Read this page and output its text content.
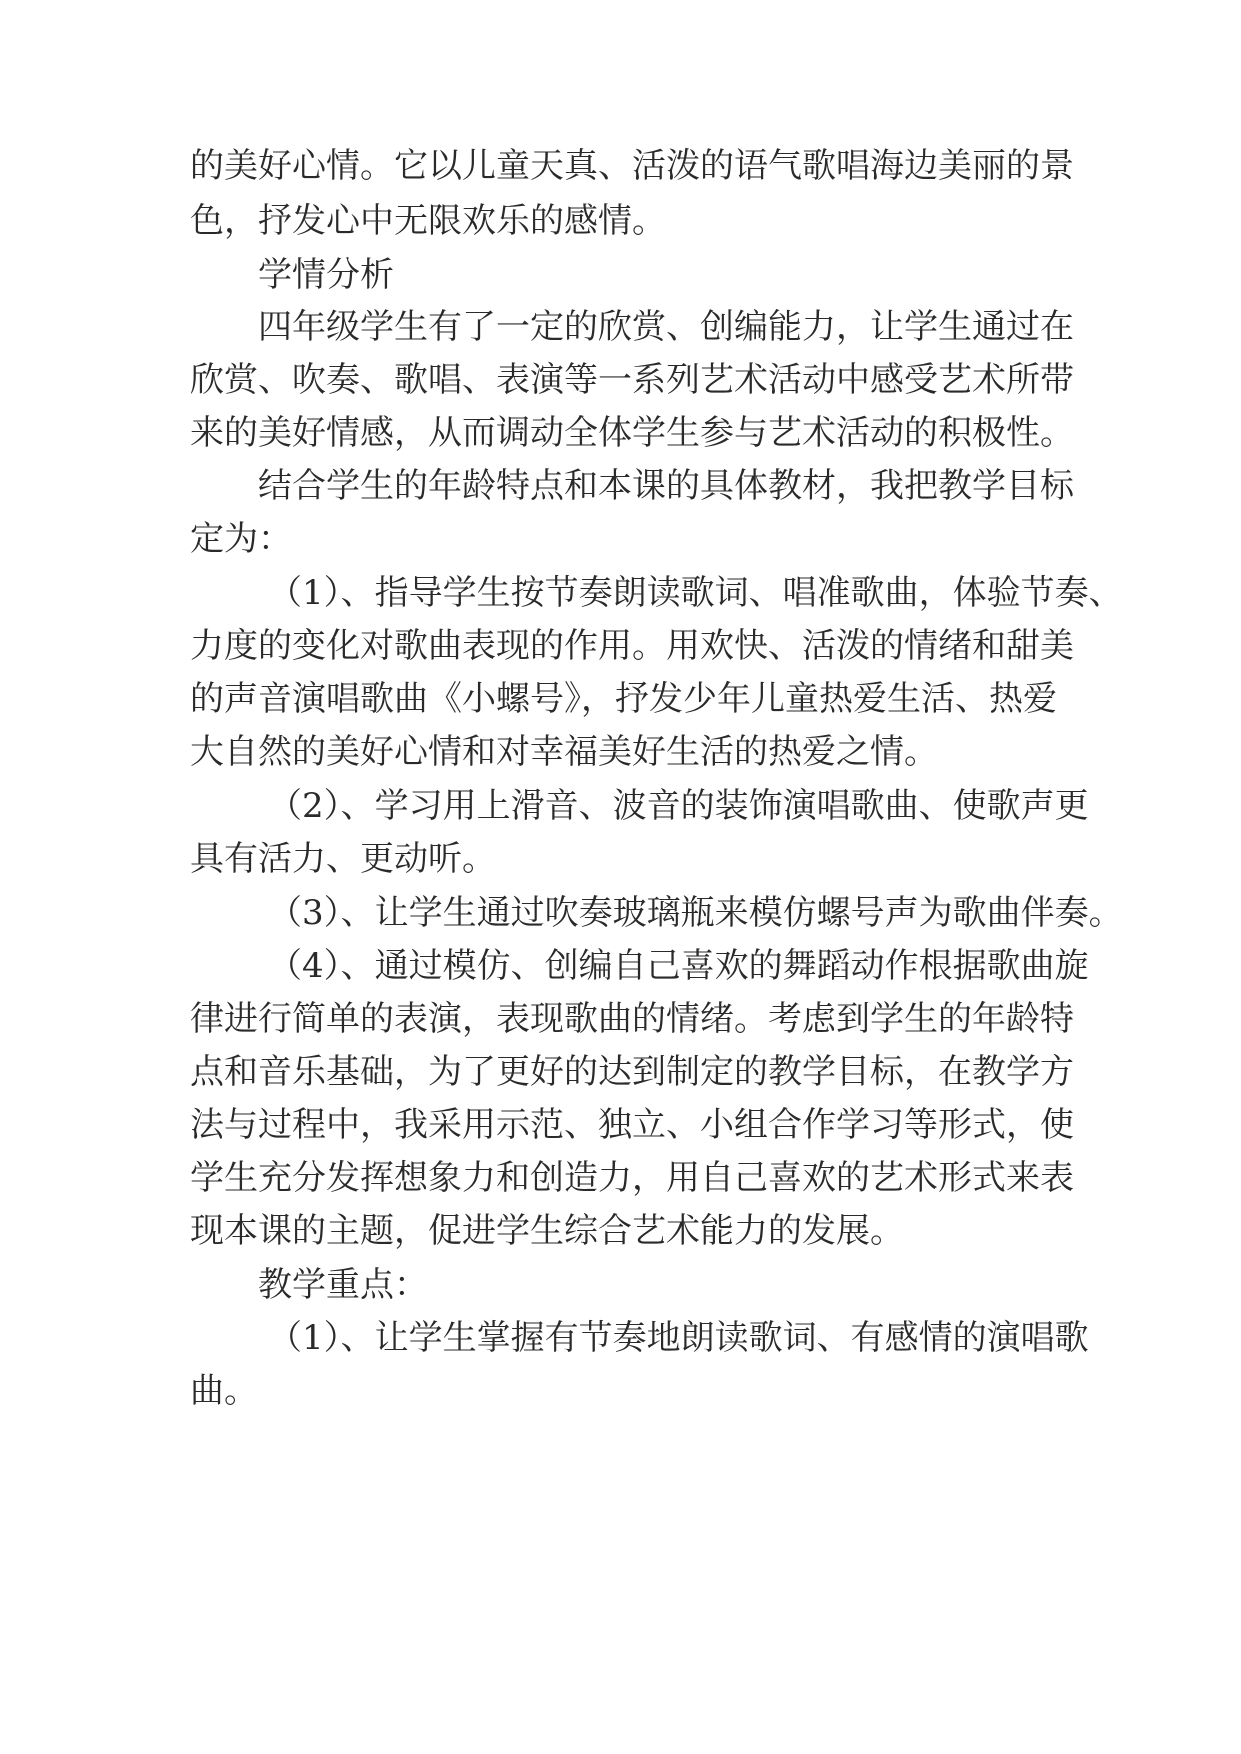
的美好心情。它以儿童天真、活泼的语气歌唱海边美丽的景
色，抒发心中无限欢乐的感情。
学情分析
四年级学生有了一定的欣赏、创编能力，让学生通过在
欣赏、吹奏、歌唱、表演等一系列艺术活动中感受艺术所带
来的美好情感，从而调动全体学生参与艺术活动的积极性。
结合学生的年龄特点和本课的具体教材，我把教学目标
定为：
（1）、指导学生按节奏朗读歌词、唱准歌曲，体验节奏、
力度的变化对歌曲表现的作用。用欢快、活泼的情绪和甜美
的声音演唱歌曲《小螺号》，抒发少年儿童热爱生活、热爱
大自然的美好心情和对幸福美好生活的热爱之情。
（2）、学习用上滑音、波音的装饰演唱歌曲、使歌声更
具有活力、更动听。
（3）、让学生通过吹奏玻璃瓶来模仿螺号声为歌曲伴奏。
（4）、通过模仿、创编自己喜欢的舞蹈动作根据歌曲旋
律进行简单的表演，表现歌曲的情绪。考虑到学生的年龄特
点和音乐基础，为了更好的达到制定的教学目标，在教学方
法与过程中，我采用示范、独立、小组合作学习等形式，使
学生充分发挥想象力和创造力，用自己喜欢的艺术形式来表
现本课的主题，促进学生综合艺术能力的发展。
教学重点：
（1）、让学生掌握有节奏地朗读歌词、有感情的演唱歌
曲。
